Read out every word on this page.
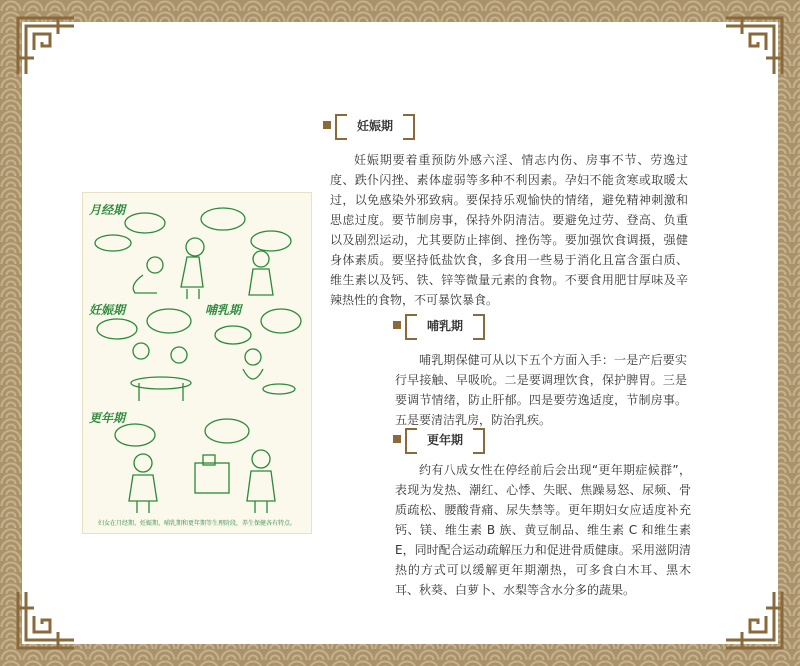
妊娠期

妊娠期要着重预防外感六淫、情志内伤、房事不节、劳逸过度、跌仆闪挫、素体虚弱等多种不利因素。孕妇不能贪寒或取暖太过，以免感染外邪致病。要保持乐观愉快的情绪，避免精神刺激和思虑过度。要节制房事，保持外阴清洁。要避免过劳、登高、负重以及剧烈运动，尤其要防止摔倒、挫伤等。要加强饮食调摄，强健身体素质。要坚持低盐饮食，多食用一些易于消化且富含蛋白质、维生素以及钙、铁、锌等微量元素的食物。不要食用肥甘厚味及辛辣热性的食物，不可暴饮暴食。

哺乳期

哺乳期保健可从以下五个方面入手：一是产后要实行早接触、早吸吮。二是要调理饮食，保护脾胃。三是要调节情绪，防止肝郁。四是要劳逸适度，节制房事。五是要清洁乳房，防治乳疾。

更年期

约有八成女性在停经前后会出现“更年期症候群”，表现为发热、潮红、心悸、失眠、焦躁易怒、尿频、骨质疏松、腰酸背痛、尿失禁等。更年期妇女应适度补充钙、镁、维生素 B 族、黄豆制品、维生素 C 和维生素 E，同时配合运动疏解压力和促进骨质健康。采用滋阴清热的方式可以缓解更年期潮热，可多食白木耳、黑木耳、秋葵、白萝卜、水梨等含水分多的蔬果。

月经期
妊娠期	哺乳期
更年期
妇女在月经期、妊娠期、哺乳期和更年期等生理阶段，养生保健各有特点。
